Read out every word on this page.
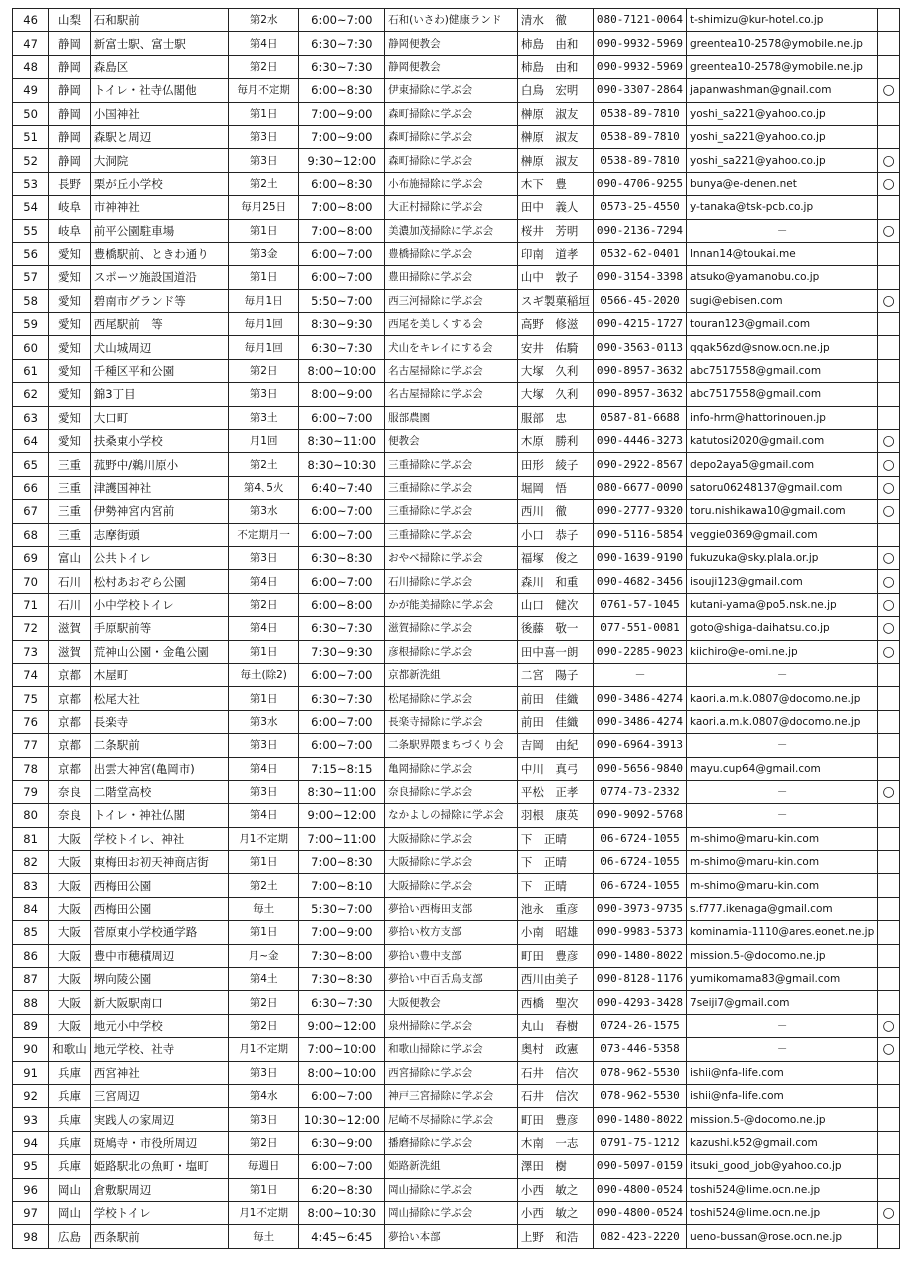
46	山梨	石和駅前	第2水	6:00~7:00	石和(いさわ)健康ランド	清水　徹	080-7121-0064	t-shimizu@kur-hotel.co.jp	
47	静岡	新富士駅、富士駅	第4日	6:30~7:30	静岡便教会	柿島　由和	090-9932-5969	greentea10-2578@ymobile.ne.jp	
48	静岡	森島区	第2日	6:30~7:30	静岡便教会	柿島　由和	090-9932-5969	greentea10-2578@ymobile.ne.jp	
49	静岡	トイレ・社寺仏閣他	毎月不定期	6:00~8:30	伊東掃除に学ぶ会	白鳥　宏明	090-3307-2864	japanwashman@gnail.com	○
50	静岡	小国神社	第1日	7:00~9:00	森町掃除に学ぶ会	榊原　淑友	0538-89-7810	yoshi_sa221@yahoo.co.jp	
51	静岡	森駅と周辺	第3日	7:00~9:00	森町掃除に学ぶ会	榊原　淑友	0538-89-7810	yoshi_sa221@yahoo.co.jp	
52	静岡	大洞院	第3日	9:30~12:00	森町掃除に学ぶ会	榊原　淑友	0538-89-7810	yoshi_sa221@yahoo.co.jp	○
53	長野	栗が丘小学校	第2土	6:00~8:30	小布施掃除に学ぶ会	木下　豊	090-4706-9255	bunya@e-denen.net	○
54	岐阜	市神神社	毎月25日	7:00~8:00	大正村掃除に学ぶ会	田中　義人	0573-25-4550	y-tanaka@tsk-pcb.co.jp	
55	岐阜	前平公園駐車場	第1日	7:00~8:00	美濃加茂掃除に学ぶ会	桜井　芳明	090-2136-7294	－	○
56	愛知	豊橋駅前、ときわ通り	第3金	6:00~7:00	豊橋掃除に学ぶ会	印南　道孝	0532-62-0401	lnnan14@toukai.me	
57	愛知	スポーツ施設国道沿	第1日	6:00~7:00	豊田掃除に学ぶ会	山中　敦子	090-3154-3398	atsuko@yamanobu.co.jp	
58	愛知	碧南市グランド等	毎月1日	5:50~7:00	西三河掃除に学ぶ会	スギ製菓稲垣	0566-45-2020	sugi@ebisen.com	○
59	愛知	西尾駅前　等	毎月1回	8:30~9:30	西尾を美しくする会	高野　修滋	090-4215-1727	touran123@gmail.com	
60	愛知	犬山城周辺	毎月1回	6:30~7:30	犬山をキレイにする会	安井　佑騎	090-3563-0113	qqak56zd@snow.ocn.ne.jp	
61	愛知	千種区平和公園	第2日	8:00~10:00	名古屋掃除に学ぶ会	大塚　久利	090-8957-3632	abc7517558@gmail.com	
62	愛知	錦3丁目	第3日	8:00~9:00	名古屋掃除に学ぶ会	大塚　久利	090-8957-3632	abc7517558@gmail.com	
63	愛知	大口町	第3土	6:00~7:00	服部農園	服部　忠	0587-81-6688	info-hrm@hattorinouen.jp	
64	愛知	扶桑東小学校	月1回	8:30~11:00	便教会	木原　勝利	090-4446-3273	katutosi2020@gmail.com	○
65	三重	菰野中/鵜川原小	第2土	8:30~10:30	三重掃除に学ぶ会	田形　綾子	090-2922-8567	depo2aya5@gmail.com	○
66	三重	津護国神社	第4､5火	6:40~7:40	三重掃除に学ぶ会	堀岡　悟	080-6677-0090	satoru06248137@gmail.com	○
67	三重	伊勢神宮内宮前	第3水	6:00~7:00	三重掃除に学ぶ会	西川　徹	090-2777-9320	toru.nishikawa10@gmail.com	○
68	三重	志摩街頭	不定期月一	6:00~7:00	三重掃除に学ぶ会	小口　恭子	090-5116-5854	veggie0369@gmail.com	
69	富山	公共トイレ	第3日	6:30~8:30	おやべ掃除に学ぶ会	福塚　俊之	090-1639-9190	fukuzuka@sky.plala.or.jp	○
70	石川	松村あおぞら公園	第4日	6:00~7:00	石川掃除に学ぶ会	森川　和重	090-4682-3456	isouji123@gmail.com	○
71	石川	小中学校トイレ	第2日	6:00~8:00	かが能美掃除に学ぶ会	山口　健次	0761-57-1045	kutani-yama@po5.nsk.ne.jp	○
72	滋賀	手原駅前等	第4日	6:30~7:30	滋賀掃除に学ぶ会	後藤　敬一	077-551-0081	goto@shiga-daihatsu.co.jp	○
73	滋賀	荒神山公園・金亀公園	第1日	7:30~9:30	彦根掃除に学ぶ会	田中喜一朗	090-2285-9023	kiichiro@e-omi.ne.jp	○
74	京都	木屋町	毎土(除2)	6:00~7:00	京都新洗組	二宮　陽子	－	－	
75	京都	松尾大社	第1日	6:30~7:30	松尾掃除に学ぶ会	前田　佳織	090-3486-4274	kaori.a.m.k.0807@docomo.ne.jp	
76	京都	長楽寺	第3水	6:00~7:00	長楽寺掃除に学ぶ会	前田　佳織	090-3486-4274	kaori.a.m.k.0807@docomo.ne.jp	
77	京都	二条駅前	第3日	6:00~7:00	二条駅界隈まちづくり会	吉岡　由紀	090-6964-3913	－	
78	京都	出雲大神宮(亀岡市)	第4日	7:15~8:15	亀岡掃除に学ぶ会	中川　真弓	090-5656-9840	mayu.cup64@gmail.com	
79	奈良	二階堂高校	第3日	8:30~11:00	奈良掃除に学ぶ会	平松　正孝	0774-73-2332	－	○
80	奈良	トイレ・神社仏閣	第4日	9:00~12:00	なかよしの掃除に学ぶ会	羽根　康英	090-9092-5768	－	
81	大阪	学校トイレ、神社	月1不定期	7:00~11:00	大阪掃除に学ぶ会	下　正晴	06-6724-1055	m-shimo@maru-kin.com	
82	大阪	東梅田お初天神商店街	第1日	7:00~8:30	大阪掃除に学ぶ会	下　正晴	06-6724-1055	m-shimo@maru-kin.com	
83	大阪	西梅田公園	第2土	7:00~8:10	大阪掃除に学ぶ会	下　正晴	06-6724-1055	m-shimo@maru-kin.com	
84	大阪	西梅田公園	毎土	5:30~7:00	夢拾い西梅田支部	池永　重彦	090-3973-9735	s.f777.ikenaga@gmail.com	
85	大阪	菅原東小学校通学路	第1日	7:00~9:00	夢拾い枚方支部	小南　昭雄	090-9983-5373	kominamia-1110@ares.eonet.ne.jp	
86	大阪	豊中市穂積周辺	月~金	7:30~8:00	夢拾い豊中支部	町田　豊彦	090-1480-8022	mission.5-@docomo.ne.jp	
87	大阪	堺向陵公園	第4土	7:30~8:30	夢拾い中百舌鳥支部	西川由美子	090-8128-1176	yumikomama83@gmail.com	
88	大阪	新大阪駅南口	第2日	6:30~7:30	大阪便教会	西橋　聖次	090-4293-3428	7seiji7@gmail.com	
89	大阪	地元小中学校	第2日	9:00~12:00	泉州掃除に学ぶ会	丸山　春樹	0724-26-1575	－	○
90	和歌山	地元学校、社寺	月1不定期	7:00~10:00	和歌山掃除に学ぶ会	奥村　政憲	073-446-5358	－	○
91	兵庫	西宮神社	第3日	8:00~10:00	西宮掃除に学ぶ会	石井　信次	078-962-5530	ishii@nfa-life.com	
92	兵庫	三宮周辺	第4水	6:00~7:00	神戸三宮掃除に学ぶ会	石井　信次	078-962-5530	ishii@nfa-life.com	
93	兵庫	実践人の家周辺	第3日	10:30~12:00	尼崎不尽掃除に学ぶ会	町田　豊彦	090-1480-8022	mission.5-@docomo.ne.jp	
94	兵庫	斑鳩寺・市役所周辺	第2日	6:30~9:00	播磨掃除に学ぶ会	木南　一志	0791-75-1212	kazushi.k52@gmail.com	
95	兵庫	姫路駅北の魚町・塩町	毎週日	6:00~7:00	姫路新洗組	澤田　樹	090-5097-0159	itsuki_good_job@yahoo.co.jp	
96	岡山	倉敷駅周辺	第1日	6:20~8:30	岡山掃除に学ぶ会	小西　敏之	090-4800-0524	toshi524@lime.ocn.ne.jp	
97	岡山	学校トイレ	月1不定期	8:00~10:30	岡山掃除に学ぶ会	小西　敏之	090-4800-0524	toshi524@lime.ocn.ne.jp	○
98	広島	西条駅前	毎土	4:45~6:45	夢拾い本部	上野　和浩	082-423-2220	ueno-bussan@rose.ocn.ne.jp	
